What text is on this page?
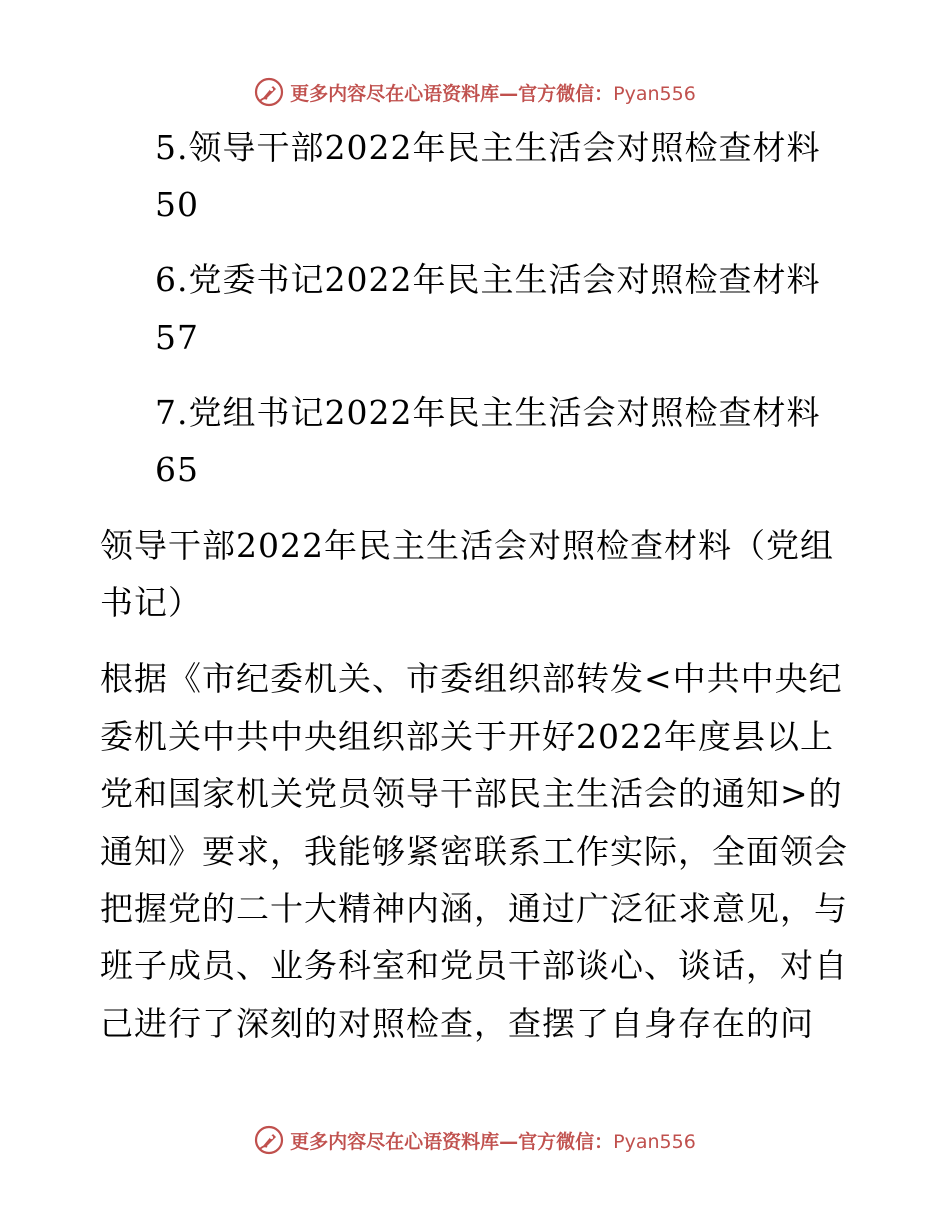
更多内容尽在心语资料库—官方微信：Pyan556
5.领导干部2022年民主生活会对照检查材料
50
6.党委书记2022年民主生活会对照检查材料
57
7.党组书记2022年民主生活会对照检查材料
65
领导干部2022年民主生活会对照检查材料（党组
书记）
根据《市纪委机关、市委组织部转发<中共中央纪
委机关中共中央组织部关于开好2022年度县以上
党和国家机关党员领导干部民主生活会的通知>的
通知》要求，我能够紧密联系工作实际，全面领会
把握党的二十大精神内涵，通过广泛征求意见，与
班子成员、业务科室和党员干部谈心、谈话，对自
己进行了深刻的对照检查，查摆了自身存在的问
更多内容尽在心语资料库—官方微信：Pyan556
